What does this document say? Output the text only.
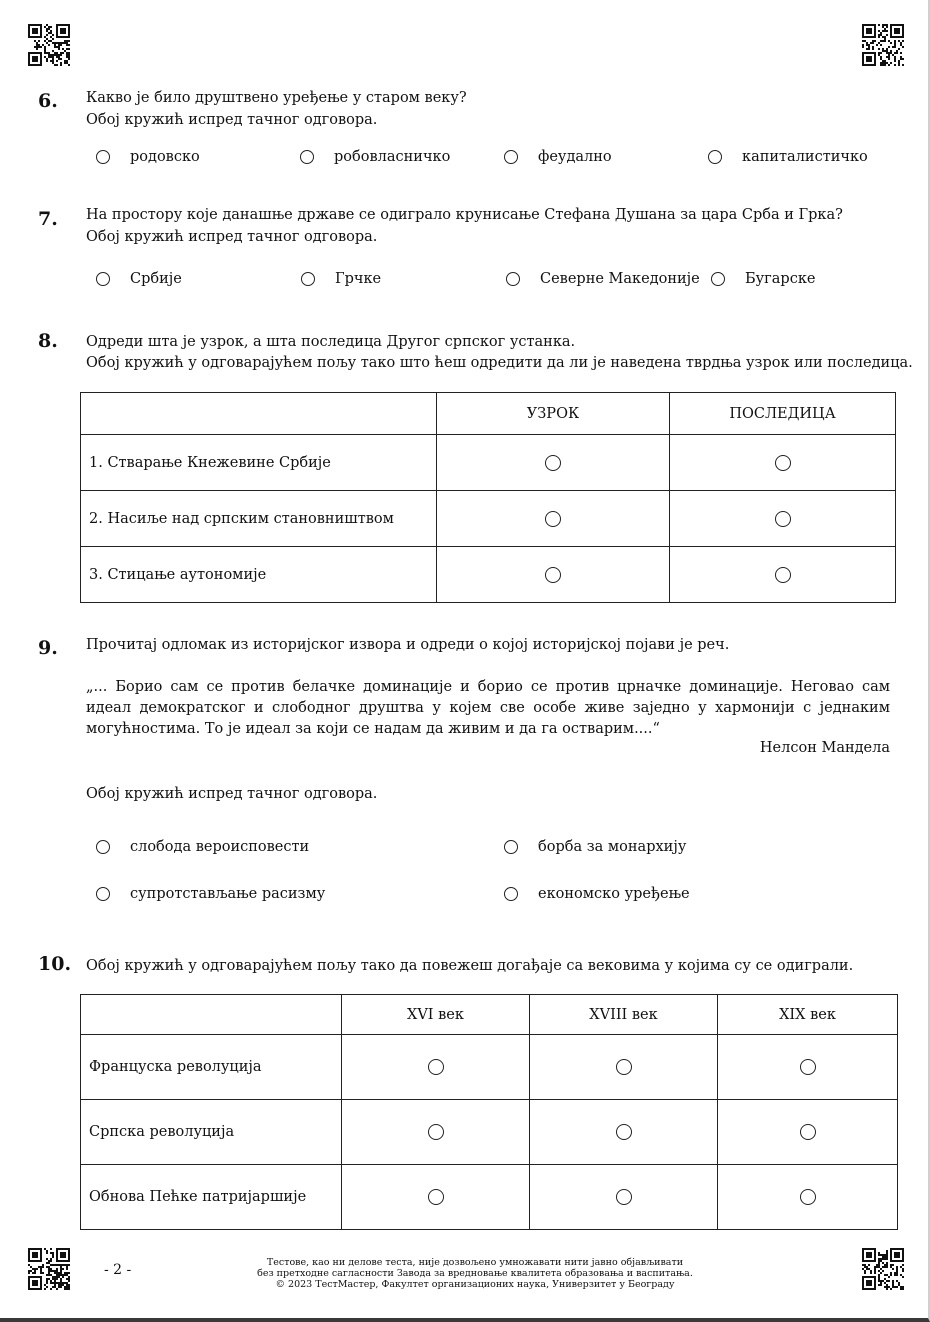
6. Какво је било друштвено уређење у старом веку?
Обој кружић испред тачног одговора.
родовско	робовласничко	феудално	капиталистичко
7. На простору које данашње државе се одиграло крунисање Стефана Душана за цара Срба и Грка?
Обој кружић испред тачног одговора.
Србије	Грчке	Северне Македоније	Бугарске
8. Одреди шта је узрок, а шта последица Другог српског устанка.
Обој кружић у одговарајућем пољу тако што ћеш одредити да ли је наведена тврдња узрок или последица.
	УЗРОК	ПОСЛЕДИЦА
1. Стварање Кнежевине Србије		
2. Насиље над српским становништвом		
3. Стицање аутономије		
9. Прочитај одломак из историјског извора и одреди о којој историјској појави је реч.
„... Борио сам се против белачке доминације и борио се против црначке доминације. Неговао сам идеал демократског и слободног друштва у којем све особе живе заједно у хармонији с једнаким могућностима. То је идеал за који се надам да живим и да га остварим....“
Нелсон Мандела
Обој кружић испред тачног одговора.
слобода вероисповести	борба за монархију
супротстављање расизму	економско уређење
10. Обој кружић у одговарајућем пољу тако да повежеш догађаје са вековима у којима су се одиграли.
	XVI век	XVIII век	XIX век
Француска револуција			
Српска револуција			
Обнова Пећке патријаршије			
- 2 -	Тестове, као ни делове теста, није дозвољено умножавати нити јавно објављивати
без претходне сагласности Завода за вредновање квалитета образовања и васпитања.
© 2023 ТестМастер, Факултет организационих наука, Универзитет у Београду
